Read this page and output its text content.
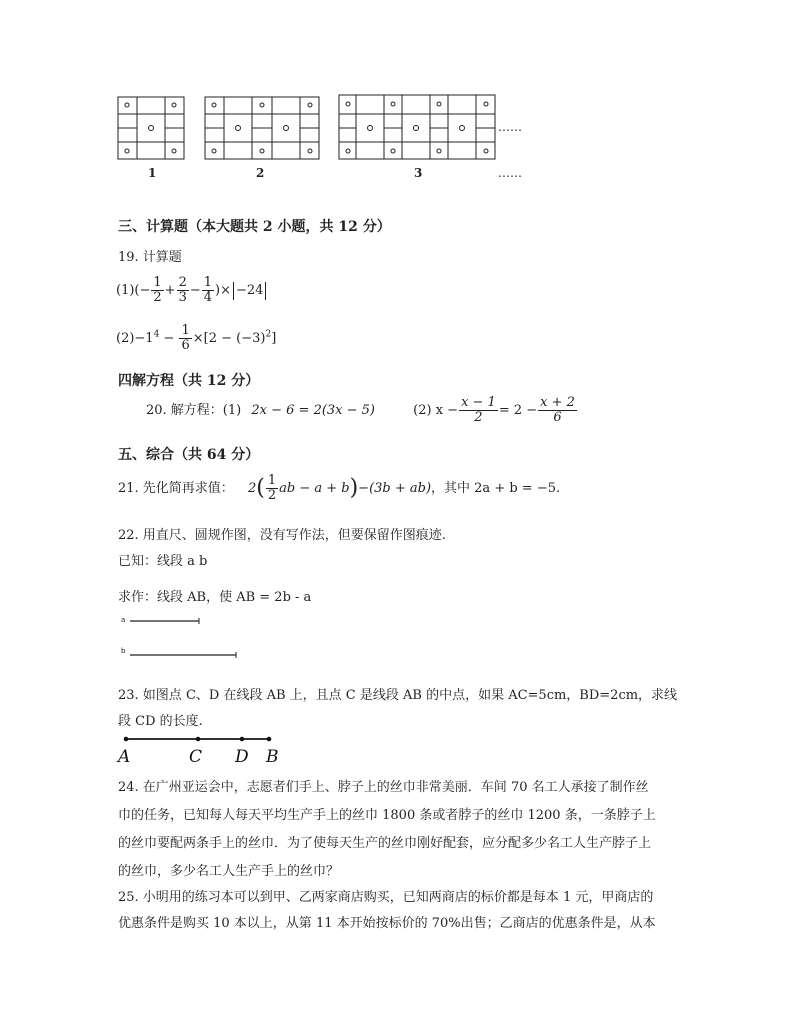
……
1	2	3	……
三、计算题（本大题共 2 小题，共 12 分）
19. 计算题
$(1)(- \frac{1}{2} + \frac{2}{3} - \frac{1}{4}$ )× −24
$(2)-1^4 - \frac{1}{6} \times[2 - (-3)^2]$
四解方程（共 12 分）
20. 解方程：(1) 2x − 6 = 2(3x − 5)	(2) $x - \frac{x - 1}{2} = 2 - \frac{x + 2}{6}$
五、综合（共 64 分）
21. 先化简再求值： $2( \frac{1}{2}$ ab − a + b)−(3b + ab)，其中 2a + b = −5.
22. 用直尺、圆规作图，没有写作法，但要保留作图痕迹.
已知：线段 a b
求作：线段 AB，使 AB = 2b - a
a
b
23. 如图点 C、D 在线段 AB 上，且点 C 是线段 AB 的中点，如果 AC=5cm，BD=2cm，求线
段 CD 的长度.
A	C D B
24. 在广州亚运会中，志愿者们手上、脖子上的丝巾非常美丽．车间 70 名工人承接了制作丝
巾的任务，已知每人每天平均生产手上的丝巾 1800 条或者脖子的丝巾 1200 条，一条脖子上
的丝巾要配两条手上的丝巾．为了使每天生产的丝巾刚好配套，应分配多少名工人生产脖子上
的丝巾，多少名工人生产手上的丝巾？
25. 小明用的练习本可以到甲、乙两家商店购买，已知两商店的标价都是每本 1 元，甲商店的
优惠条件是购买 10 本以上，从第 11 本开始按标价的 70%出售；乙商店的优惠条件是，从本
